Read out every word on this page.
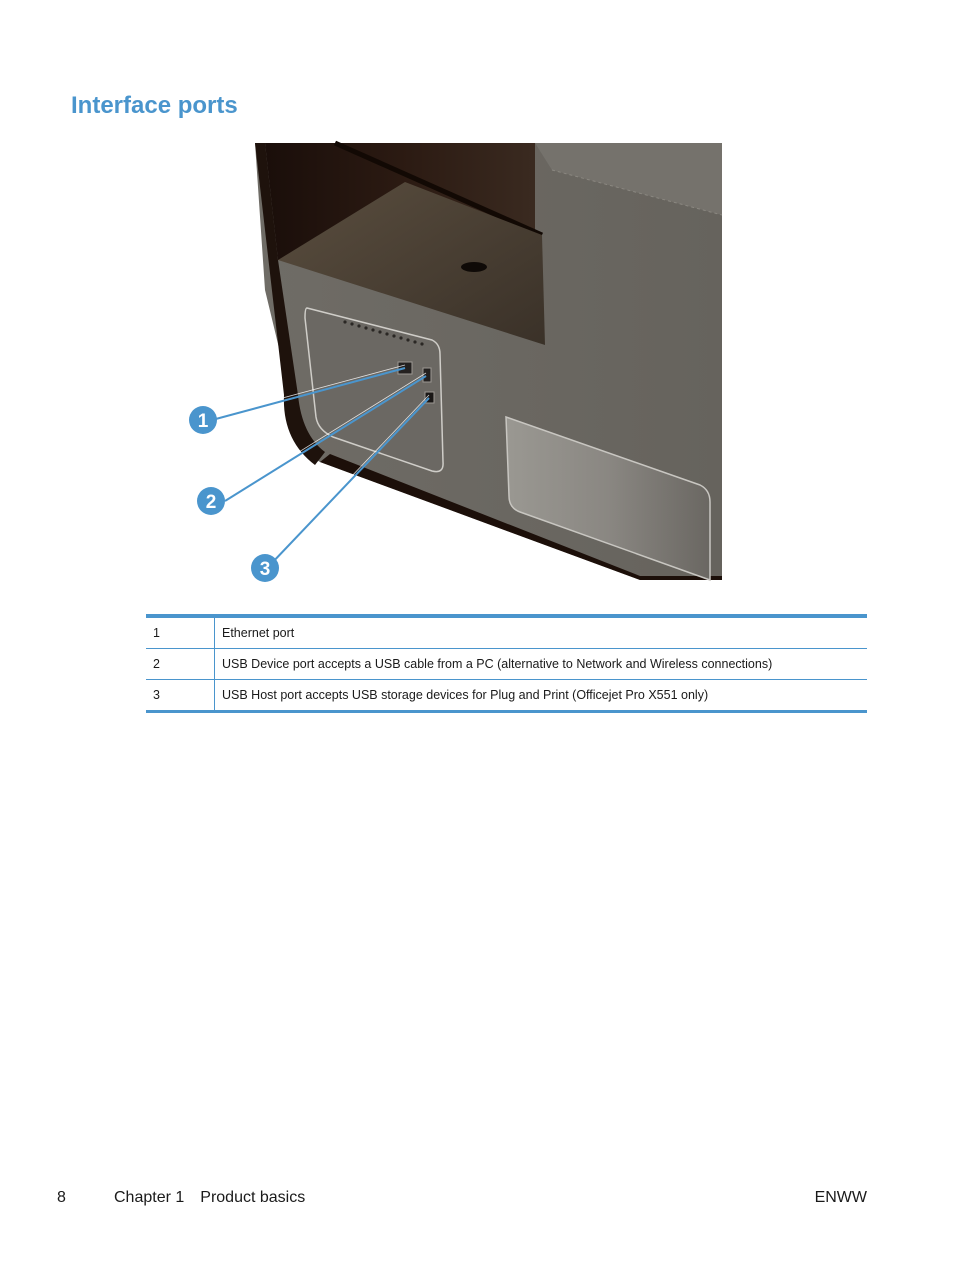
Interface ports
1
2
3
1	Ethernet port
2	USB Device port accepts a USB cable from a PC (alternative to Network and Wireless connections)
3	USB Host port accepts USB storage devices for Plug and Print (Officejet Pro X551 only)
8	Chapter 1 Product basics	ENWW
